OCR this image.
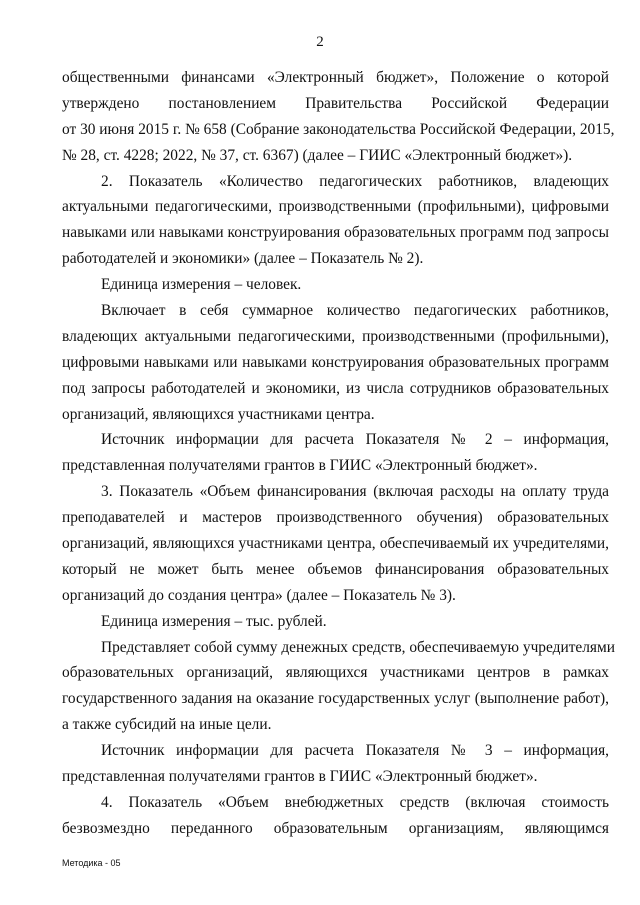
2
общественными финансами «Электронный бюджет», Положение о которой
утверждено постановлением Правительства Российской Федерации
от 30 июня 2015 г. № 658 (Собрание законодательства Российской Федерации, 2015,
№ 28, ст. 4228; 2022, № 37, ст. 6367) (далее – ГИИС «Электронный бюджет»).
2. Показатель «Количество педагогических работников, владеющих
актуальными педагогическими, производственными (профильными), цифровыми
навыками или навыками конструирования образовательных программ под запросы
работодателей и экономики» (далее – Показатель № 2).
Единица измерения – человек.
Включает в себя суммарное количество педагогических работников,
владеющих актуальными педагогическими, производственными (профильными),
цифровыми навыками или навыками конструирования образовательных программ
под запросы работодателей и экономики, из числа сотрудников образовательных
организаций, являющихся участниками центра.
Источник информации для расчета Показателя № 2 – информация,
представленная получателями грантов в ГИИС «Электронный бюджет».
3. Показатель «Объем финансирования (включая расходы на оплату труда
преподавателей и мастеров производственного обучения) образовательных
организаций, являющихся участниками центра, обеспечиваемый их учредителями,
который не может быть менее объемов финансирования образовательных
организаций до создания центра» (далее – Показатель № 3).
Единица измерения – тыс. рублей.
Представляет собой сумму денежных средств, обеспечиваемую учредителями
образовательных организаций, являющихся участниками центров в рамках
государственного задания на оказание государственных услуг (выполнение работ),
а также субсидий на иные цели.
Источник информации для расчета Показателя № 3 – информация,
представленная получателями грантов в ГИИС «Электронный бюджет».
4. Показатель «Объем внебюджетных средств (включая стоимость
безвозмездно переданного образовательным организациям, являющимся
Методика - 05
